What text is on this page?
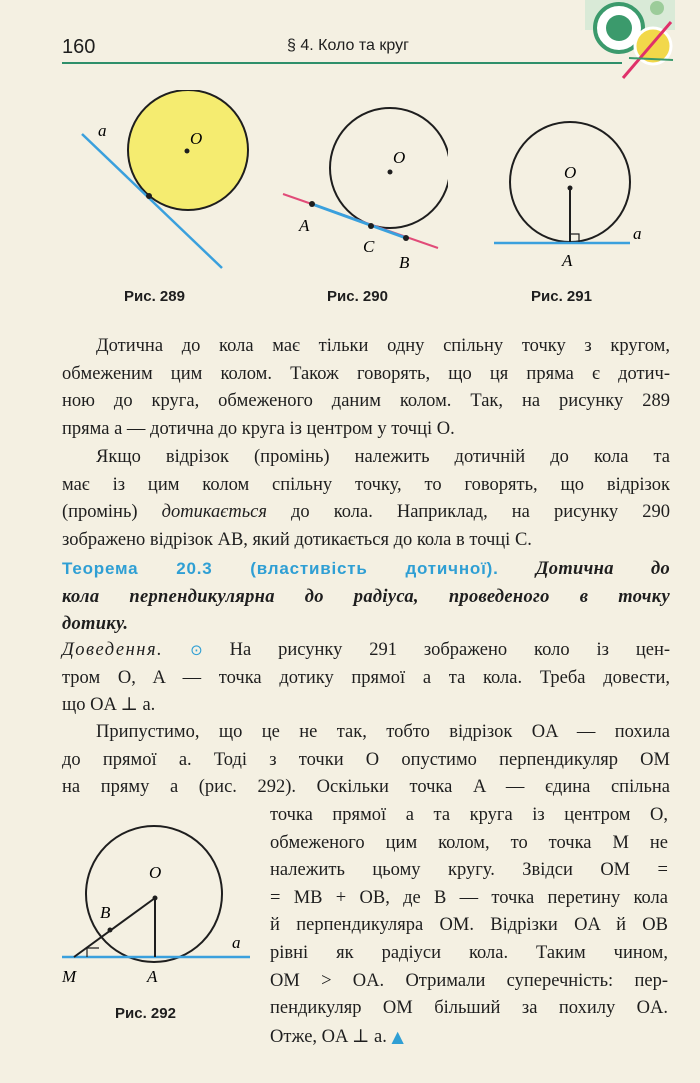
160	§ 4. Коло та круг
a	O
Рис. 289
O
A
C
B
Рис. 290
O
A
a
Рис. 291
Дотична до кола має тільки одну спільну точку з кругом,
обмеженим цим колом. Також говорять, що ця пряма є дотич-
ною до круга, обмеженого даним колом. Так, на рисунку 289
пряма a — дотична до круга із центром у точці O.
Якщо відрізок (промінь) належить дотичній до кола та
має із цим колом спільну точку, то говорять, що відрізок
(промінь) дотикається до кола. Наприклад, на рисунку 290
зображено відрізок AB, який дотикається до кола в точці C.
Теорема 20.3 (властивість дотичної). Дотична до
кола перпендикулярна до радіуса, проведеного в точку
дотику.
Доведення. ⊙ На рисунку 291 зображено коло із цен-
тром O, A — точка дотику прямої a та кола. Треба довести,
що OA ⊥ a.
Припустимо, що це не так, тобто відрізок OA — похила
до прямої a. Тоді з точки O опустимо перпендикуляр OM
на пряму a (рис. 292). Оскільки точка A — єдина спільна
точка прямої a та круга із центром O,
обмеженого цим колом, то точка M не
належить цьому кругу. Звідси OM =
= MB + OB, де B — точка перетину кола
й перпендикуляра OM. Відрізки OA й OB
рівні як радіуси кола. Таким чином,
OM > OA. Отримали суперечність: пер-
пендикуляр OM більший за похилу OA.
Отже, OA ⊥ a. ▲
O
B
M	A
a
Рис. 292
